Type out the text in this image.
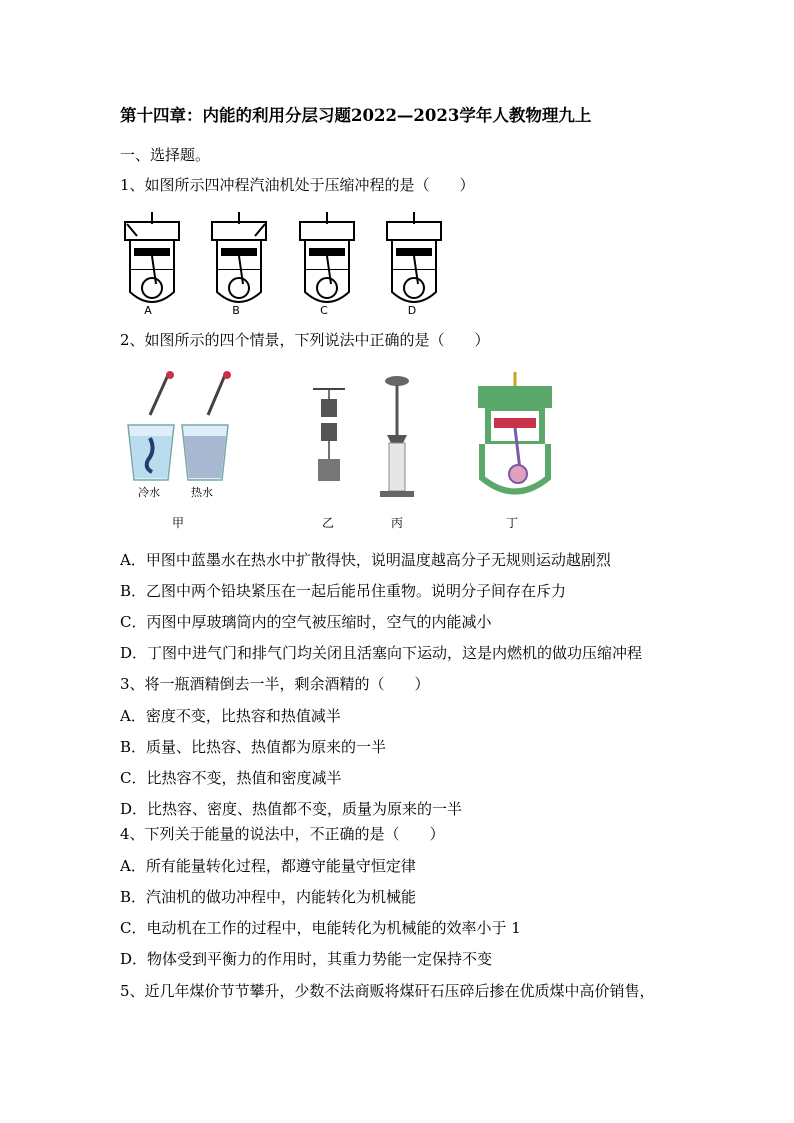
第十四章：内能的利用分层习题2022—2023学年人教物理九上
一、选择题。
1、如图所示四冲程汽油机处于压缩冲程的是（　　）
A	B	C	D
2、如图所示的四个情景，下列说法中正确的是（　　）
冷水	热水
甲	乙	丙	丁
A．甲图中蓝墨水在热水中扩散得快，说明温度越高分子无规则运动越剧烈
B．乙图中两个铅块紧压在一起后能吊住重物。说明分子间存在斥力
C．丙图中厚玻璃筒内的空气被压缩时，空气的内能减小
D．丁图中进气门和排气门均关闭且活塞向下运动，这是内燃机的做功压缩冲程
3、将一瓶酒精倒去一半，剩余酒精的（　　）
A．密度不变，比热容和热值减半
B．质量、比热容、热值都为原来的一半
C．比热容不变，热值和密度减半
D．比热容、密度、热值都不变，质量为原来的一半
4、下列关于能量的说法中，不正确的是（　　）
A．所有能量转化过程，都遵守能量守恒定律
B．汽油机的做功冲程中，内能转化为机械能
C．电动机在工作的过程中，电能转化为机械能的效率小于 1
D．物体受到平衡力的作用时，其重力势能一定保持不变
5、近几年煤价节节攀升，少数不法商贩将煤矸石压碎后掺在优质煤中高价销售，
